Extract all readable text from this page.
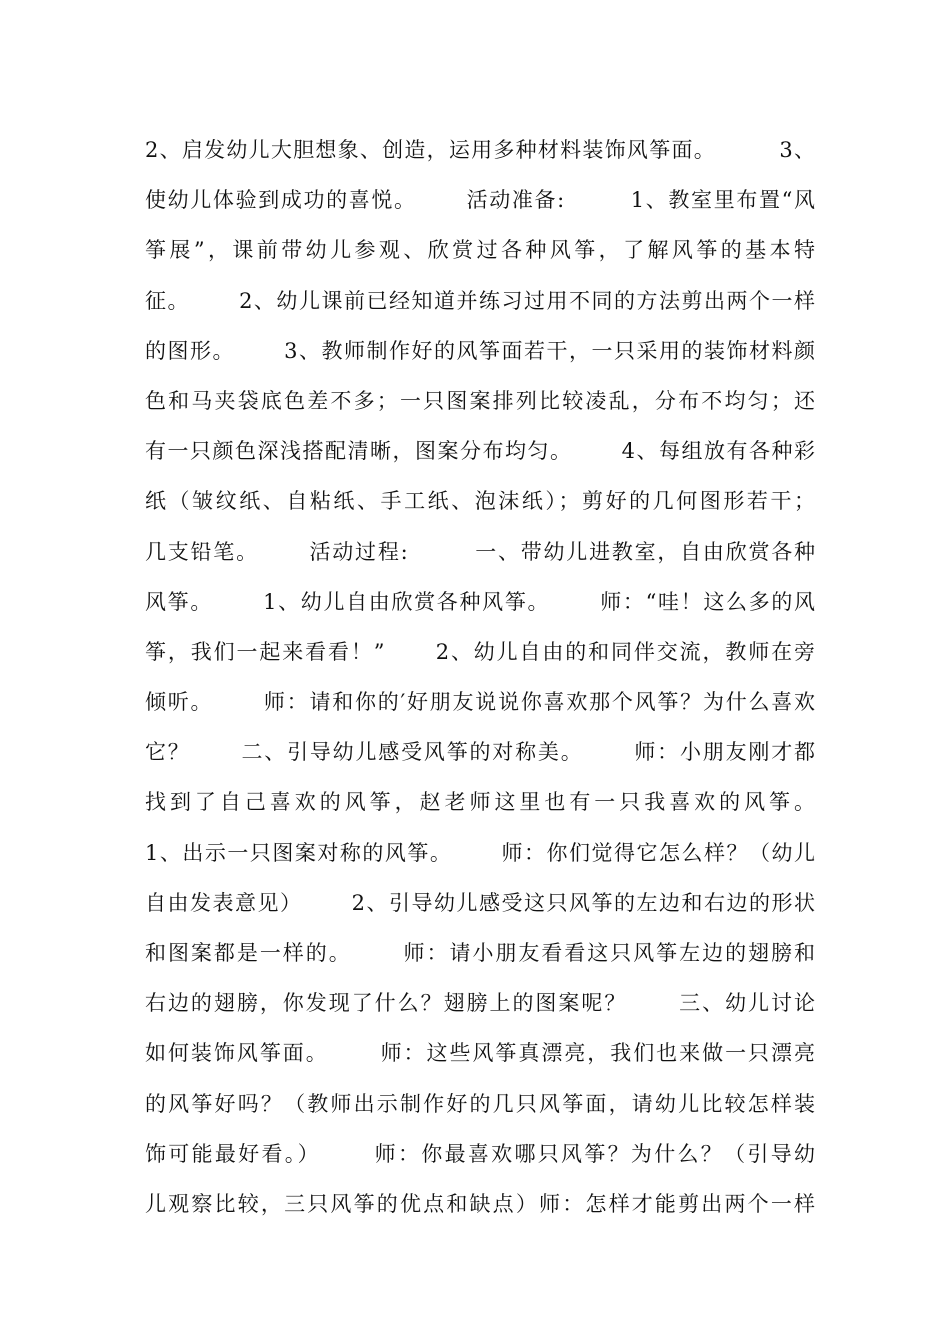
2、启发幼儿大胆想象、创造，运用多种材料装饰风筝面。        3、
使幼儿体验到成功的喜悦。      活动准备:        1、教室里布置“风
筝展”，课前带幼儿参观、欣赏过各种风筝，了解风筝的基本特
征。      2、幼儿课前已经知道并练习过用不同的方法剪出两个一样
的图形。      3、教师制作好的风筝面若干，一只采用的装饰材料颜
色和马夹袋底色差不多；一只图案排列比较凌乱，分布不均匀；还
有一只颜色深浅搭配清晰，图案分布均匀。      4、每组放有各种彩
纸（皱纹纸、自粘纸、手工纸、泡沫纸）；剪好的几何图形若干；
几支铅笔。      活动过程:        一、带幼儿进教室，自由欣赏各种
风筝。      1、幼儿自由欣赏各种风筝。      师：“哇！这么多的风
筝，我们一起来看看！”      2、幼儿自由的和同伴交流，教师在旁
倾听。      师：请和你的′好朋友说说你喜欢那个风筝？为什么喜欢
它？      二、引导幼儿感受风筝的对称美。      师：小朋友刚才都
找到了自己喜欢的风筝，赵老师这里也有一只我喜欢的风筝。
1、出示一只图案对称的风筝。      师：你们觉得它怎么样？（幼儿
自由发表意见）      2、引导幼儿感受这只风筝的左边和右边的形状
和图案都是一样的。      师：请小朋友看看这只风筝左边的翅膀和
右边的翅膀，你发现了什么？翅膀上的图案呢？      三、幼儿讨论
如何装饰风筝面。      师：这些风筝真漂亮，我们也来做一只漂亮
的风筝好吗？（教师出示制作好的几只风筝面，请幼儿比较怎样装
饰可能最好看。）      师：你最喜欢哪只风筝？为什么？（引导幼
儿观察比较，三只风筝的优点和缺点）师：怎样才能剪出两个一样
